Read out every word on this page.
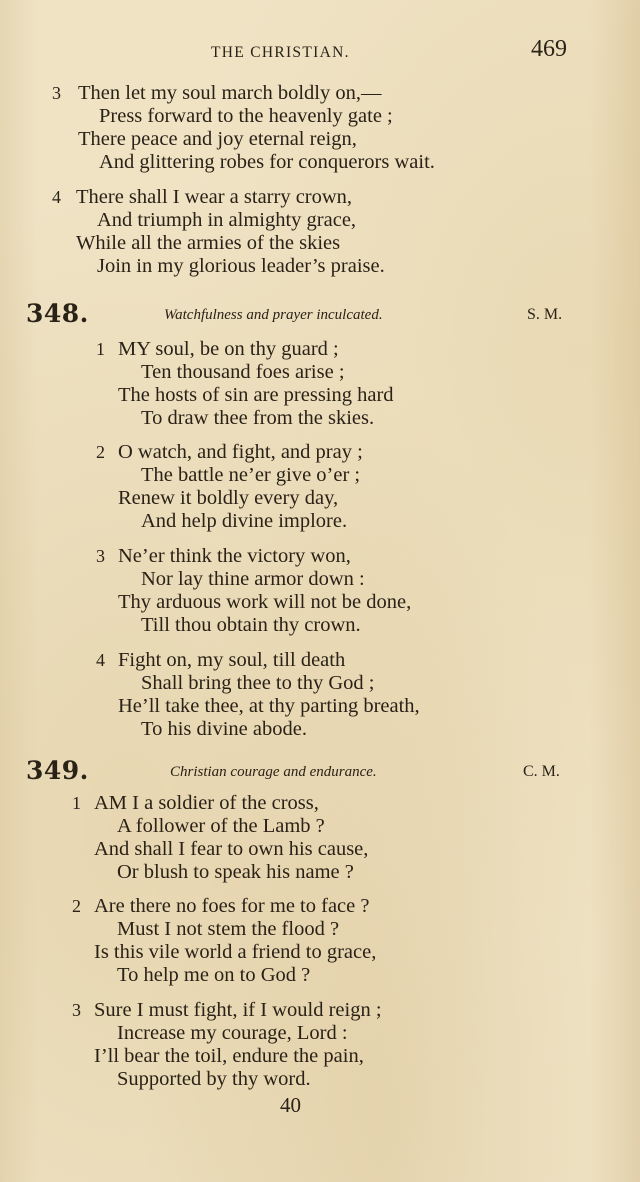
THE CHRISTIAN.	469
3 Then let my soul march boldly on,—
Press forward to the heavenly gate ;
There peace and joy eternal reign,
And glittering robes for conquerors wait.
4 There shall I wear a starry crown,
And triumph in almighty grace,
While all the armies of the skies
Join in my glorious leader’s praise.
348.	Watchfulness and prayer inculcated.	S. M.
1 MY soul, be on thy guard ;
Ten thousand foes arise ;
The hosts of sin are pressing hard
To draw thee from the skies.
2 O watch, and fight, and pray ;
The battle ne’er give o’er ;
Renew it boldly every day,
And help divine implore.
3 Ne’er think the victory won,
Nor lay thine armor down :
Thy arduous work will not be done,
Till thou obtain thy crown.
4 Fight on, my soul, till death
Shall bring thee to thy God ;
He’ll take thee, at thy parting breath,
To his divine abode.
349.	Christian courage and endurance.	C. M.
1 AM I a soldier of the cross,
A follower of the Lamb ?
And shall I fear to own his cause,
Or blush to speak his name ?
2 Are there no foes for me to face ?
Must I not stem the flood ?
Is this vile world a friend to grace,
To help me on to God ?
3 Sure I must fight, if I would reign ;
Increase my courage, Lord :
I’ll bear the toil, endure the pain,
Supported by thy word.
40
